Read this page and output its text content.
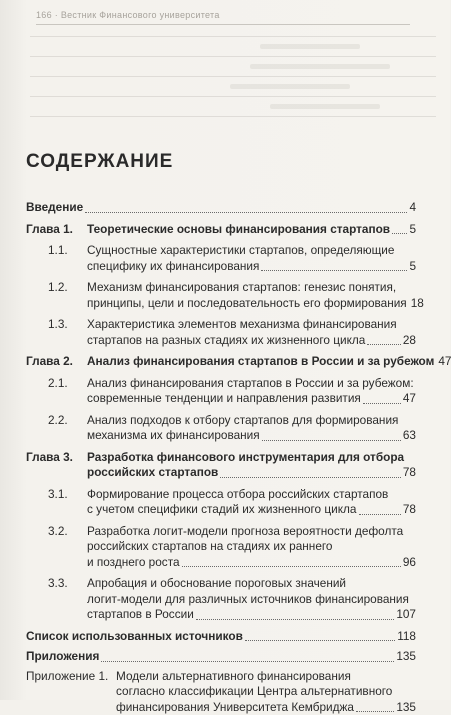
166 · Вестник Финансового университета
СОДЕРЖАНИЕ
Введение	4
Глава 1.	Теоретические основы финансирования стартапов 5
1.1.	Сущностные характеристики стартапов, определяющие
специфику их финансирования	5
1.2.	Механизм финансирования стартапов: генезис понятия,
принципы, цели и последовательность его формирования 18
1.3.	Характеристика элементов механизма финансирования
стартапов на разных стадиях их жизненного цикла	28
Глава 2.	Анализ финансирования стартапов в России и за рубежом 47
2.1.	Анализ финансирования стартапов в России и за рубежом:
современные тенденции и направления развития	47
2.2.	Анализ подходов к отбору стартапов для формирования
механизма их финансирования	63
Глава 3.	Разработка финансового инструментария для отбора
российских стартапов	78
3.1.	Формирование процесса отбора российских стартапов
с учетом специфики стадий их жизненного цикла	78
3.2.	Разработка логит-модели прогноза вероятности дефолта
российских стартапов на стадиях их раннего
и позднего роста	96
3.3.	Апробация и обоснование пороговых значений
логит-модели для различных источников финансирования
стартапов в России	107
Список использованных источников	118
Приложения	135
Приложение 1. Модели альтернативного финансирования
согласно классификации Центра альтернативного
финансирования Университета Кембриджа	135
